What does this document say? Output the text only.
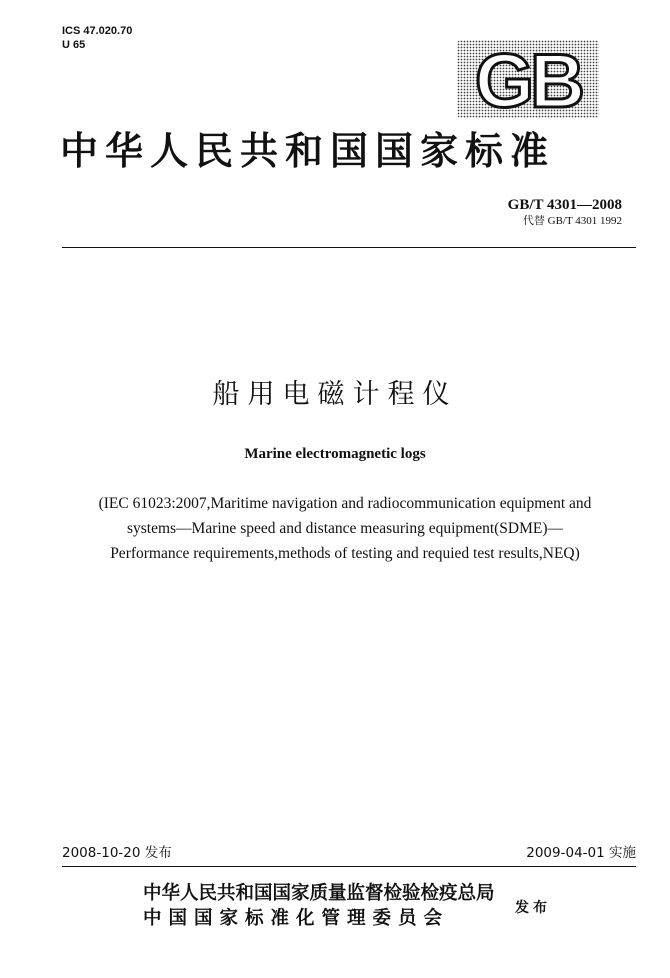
ICS 47.020.70
U 65	GB
中华人民共和国国家标准
GB/T 4301—2008
代替 GB/T 4301 1992
船用电磁计程仪
Marine electromagnetic logs
(IEC 61023:2007,Maritime navigation and radiocommunication equipment and
systems—Marine speed and distance measuring equipment(SDME)—
Performance requirements,methods of testing and requied test results,NEQ)
2008-10-20 发布	2009-04-01 实施
中华人民共和国国家质量监督检验检疫总局
中国国家标准化管理委员会	发布
